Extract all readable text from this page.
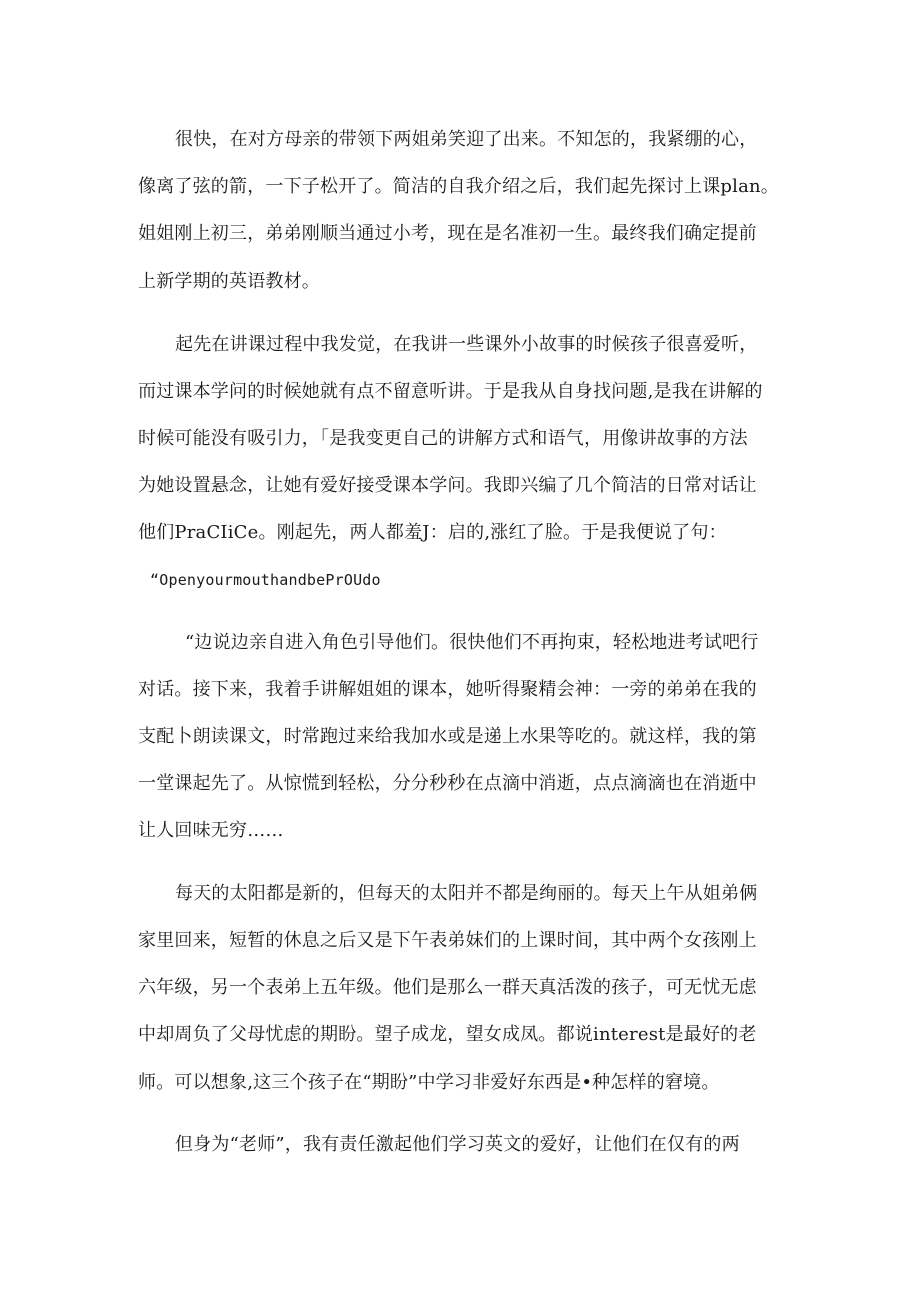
很快，在对方母亲的带领下两姐弟笑迎了出来。不知怎的，我紧绷的心，
像离了弦的箭，一下子松开了。简洁的自我介绍之后，我们起先探讨上课plan。
姐姐刚上初三，弟弟刚顺当通过小考，现在是名准初一生。最终我们确定提前
上新学期的英语教材。
起先在讲课过程中我发觉，在我讲一些课外小故事的时候孩子很喜爱听，
而过课本学问的时候她就有点不留意听讲。于是我从自身找问题,是我在讲解的
时候可能没有吸引力，「是我变更自己的讲解方式和语气，用像讲故事的方法
为她设置悬念，让她有爱好接受课本学问。我即兴编了几个简洁的日常对话让
他们PraCIiCe。刚起先，两人都羞J：启的,涨红了脸。于是我便说了句：
“OpenyourmouthandbePrOUdo
“边说边亲自进入角色引导他们。很快他们不再拘束，轻松地进考试吧行
对话。接下来，我着手讲解姐姐的课本，她听得聚精会神：一旁的弟弟在我的
支配卜朗读课文，时常跑过来给我加水或是递上水果等吃的。就这样，我的第
一堂课起先了。从惊慌到轻松，分分秒秒在点滴中消逝，点点滴滴也在消逝中
让人回味无穷……
每天的太阳都是新的，但每天的太阳并不都是绚丽的。每天上午从姐弟俩
家里回来，短暂的休息之后又是下午表弟妹们的上课时间，其中两个女孩刚上
六年级，另一个表弟上五年级。他们是那么一群天真活泼的孩子，可无忧无虑
中却周负了父母忧虑的期盼。望子成龙，望女成凤。都说interest是最好的老
师。可以想象,这三个孩子在“期盼”中学习非爱好东西是•种怎样的窘境。
但身为“老师”，我有责任激起他们学习英文的爱好，让他们在仅有的两
